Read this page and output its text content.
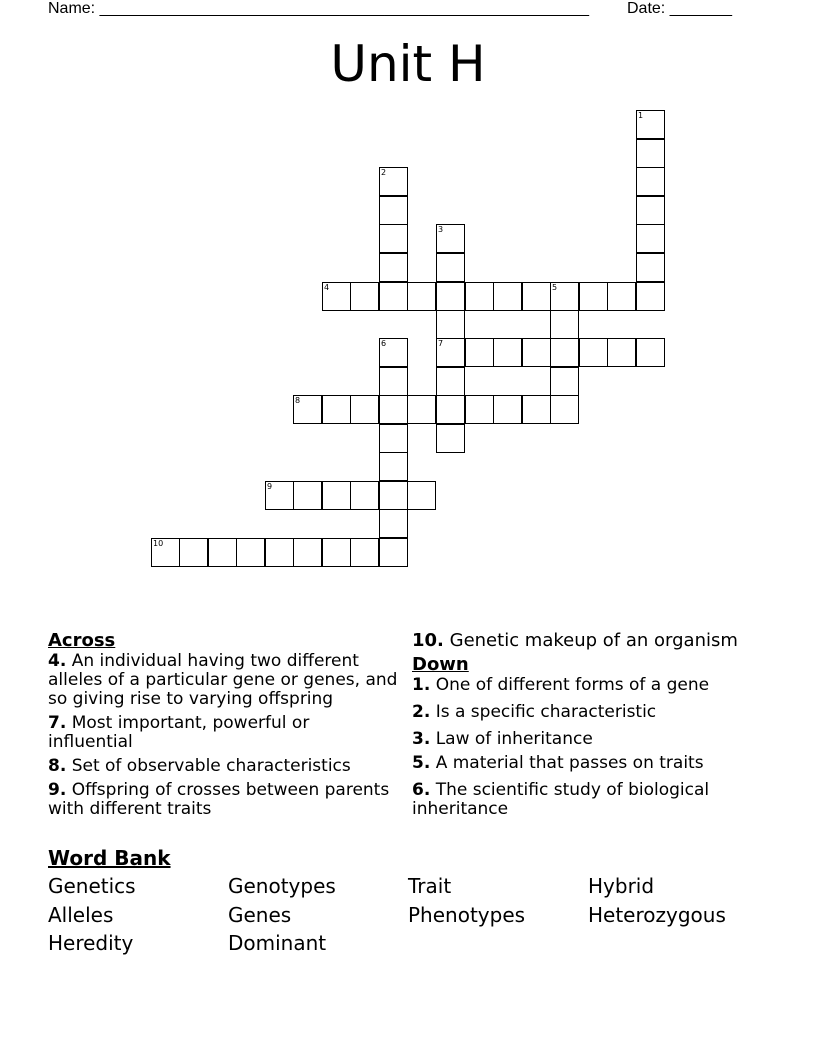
Name: _______________________________________________________ Date: _______
Unit H
1
2
3
7
4	5
6
8
9
10

Across

4. An individual having two different alleles of a particular gene or genes, and so giving rise to varying offspring

7. Most important, powerful or influential

8. Set of observable characteristics

9. Offspring of crosses between parents with different traits

10. Genetic makeup of an organism

Down

1. One of different forms of a gene

2. Is a specific characteristic

3. Law of inheritance

5. A material that passes on traits

6. The scientific study of biological inheritance

Word Bank
Genetics	Genotypes	Trait	Hybrid
Alleles	Genes	Phenotypes	Heterozygous
Heredity	Dominant
